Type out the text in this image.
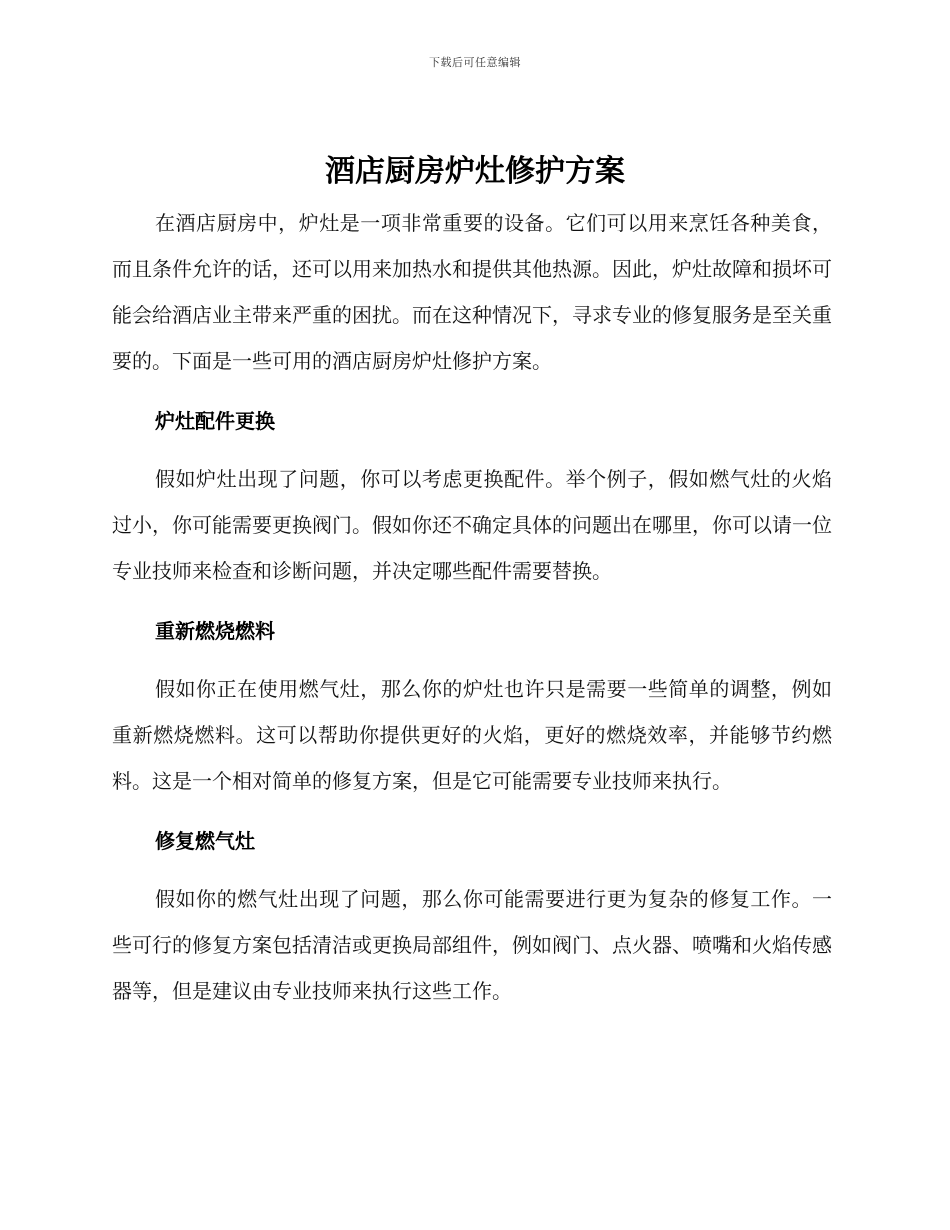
下载后可任意编辑
酒店厨房炉灶修护方案

在酒店厨房中，炉灶是一项非常重要的设备。它们可以用来烹饪各种美食，而且条件允许的话，还可以用来加热水和提供其他热源。因此，炉灶故障和损坏可能会给酒店业主带来严重的困扰。而在这种情况下，寻求专业的修复服务是至关重要的。下面是一些可用的酒店厨房炉灶修护方案。

炉灶配件更换

假如炉灶出现了问题，你可以考虑更换配件。举个例子，假如燃气灶的火焰过小，你可能需要更换阀门。假如你还不确定具体的问题出在哪里，你可以请一位专业技师来检查和诊断问题，并决定哪些配件需要替换。

重新燃烧燃料

假如你正在使用燃气灶，那么你的炉灶也许只是需要一些简单的调整，例如重新燃烧燃料。这可以帮助你提供更好的火焰，更好的燃烧效率，并能够节约燃料。这是一个相对简单的修复方案，但是它可能需要专业技师来执行。

修复燃气灶

假如你的燃气灶出现了问题，那么你可能需要进行更为复杂的修复工作。一些可行的修复方案包括清洁或更换局部组件，例如阀门、点火器、喷嘴和火焰传感器等，但是建议由专业技师来执行这些工作。
